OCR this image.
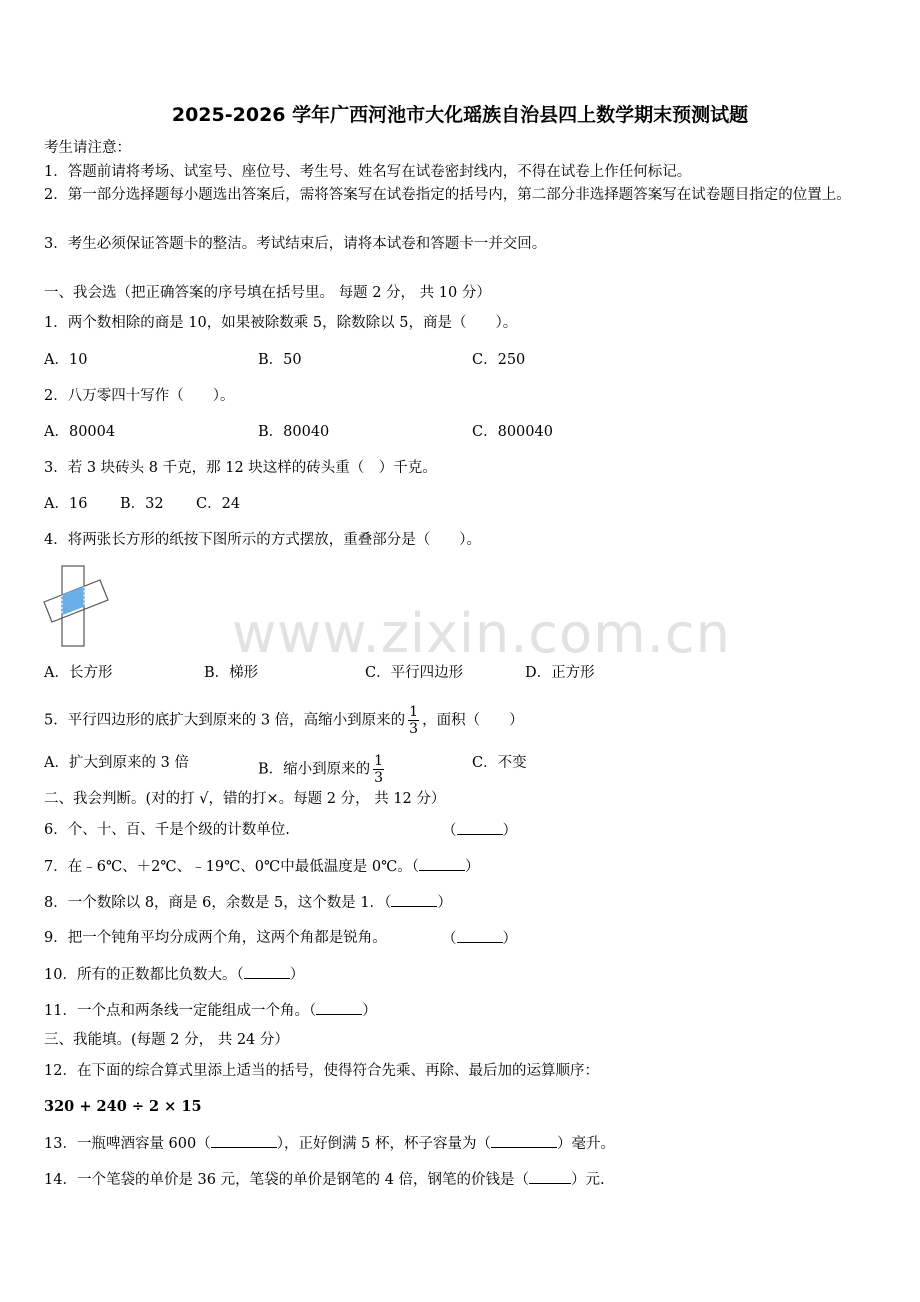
2025-2026 学年广西河池市大化瑶族自治县四上数学期末预测试题
考生请注意：
1．答题前请将考场、试室号、座位号、考生号、姓名写在试卷密封线内，不得在试卷上作任何标记。
2．第一部分选择题每小题选出答案后，需将答案写在试卷指定的括号内，第二部分非选择题答案写在试卷题目指定的位置上。
3．考生必须保证答题卡的整洁。考试结束后，请将本试卷和答题卡一并交回。
一、我会选（把正确答案的序号填在括号里。 每题 2 分， 共 10 分）
1．两个数相除的商是 10，如果被除数乘 5，除数除以 5，商是（　　）。
A．10	B．50	C．250
2．八万零四十写作（　　）。
A．80004	B．80040	C．800040
3．若 3 块砖头 8 千克，那 12 块这样的砖头重（　）千克。
A．16 B．32 C．24
4．将两张长方形的纸按下图所示的方式摆放，重叠部分是（　　）。
www.zixin.com.cn
A．长方形	B．梯形	C．平行四边形	D．正方形
5．平行四边形的底扩大到原来的 3 倍，高缩小到原来的 $\frac{1}{3}$ ，面积（　　）
A．扩大到原来的 3 倍	B．缩小到原来的 $\frac{1}{3}$	C．不变
二、我会判断。(对的打 √，错的打×。每题 2 分， 共 12 分）
6．个、十、百、千是个级的计数单位.	（	）
7．在﹣6℃、＋2℃、﹣19℃、0℃中最低温度是 0℃。（	）
8．一个数除以 8，商是 6，余数是 5，这个数是 1．（	）
9．把一个钝角平均分成两个角，这两个角都是锐角。	（	）
10．所有的正数都比负数大。（	）
11．一个点和两条线一定能组成一个角。（	）
三、我能填。(每题 2 分， 共 24 分）
12．在下面的综合算式里添上适当的括号，使得符合先乘、再除、最后加的运算顺序：
320 + 240 ÷ 2 × 15
13．一瓶啤酒容量 600（	），正好倒满 5 杯，杯子容量为（	）毫升。
14．一个笔袋的单价是 36 元，笔袋的单价是钢笔的 4 倍，钢笔的价钱是（	）元.
